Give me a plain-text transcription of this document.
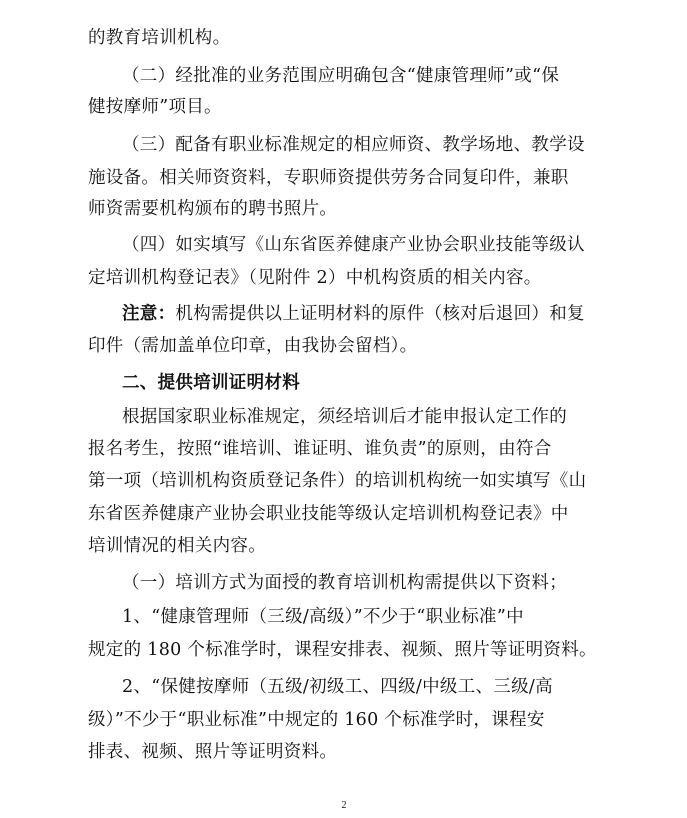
的教育培训机构。
（二）经批准的业务范围应明确包含“健康管理师”或“保
健按摩师”项目。
（三）配备有职业标准规定的相应师资、教学场地、教学设
施设备。相关师资资料，专职师资提供劳务合同复印件，兼职
师资需要机构颁布的聘书照片。
（四）如实填写《山东省医养健康产业协会职业技能等级认
定培训机构登记表》（见附件 2）中机构资质的相关内容。
注意：机构需提供以上证明材料的原件（核对后退回）和复
印件（需加盖单位印章，由我协会留档）。
二、提供培训证明材料
根据国家职业标准规定，须经培训后才能申报认定工作的
报名考生，按照“谁培训、谁证明、谁负责”的原则，由符合
第一项（培训机构资质登记条件）的培训机构统一如实填写《山
东省医养健康产业协会职业技能等级认定培训机构登记表》中
培训情况的相关内容。
（一）培训方式为面授的教育培训机构需提供以下资料；
1、“健康管理师（三级/高级）”不少于“职业标准”中
规定的 180 个标准学时，课程安排表、视频、照片等证明资料。
2、“保健按摩师（五级/初级工、四级/中级工、三级/高
级）”不少于“职业标准”中规定的 160 个标准学时，课程安
排表、视频、照片等证明资料。
2
